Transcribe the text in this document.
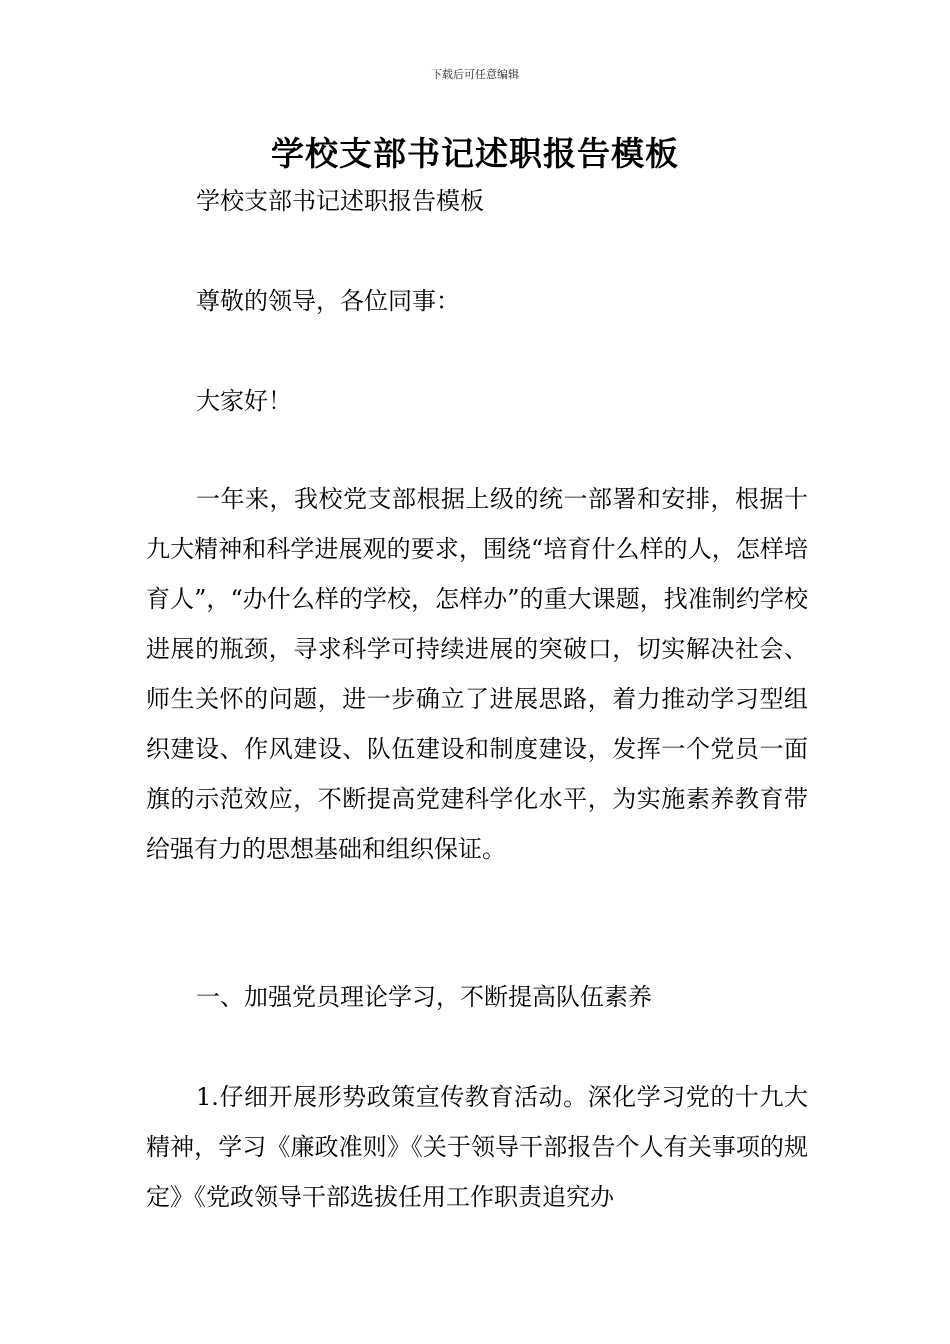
下载后可任意编辑
学校支部书记述职报告模板
学校支部书记述职报告模板
尊敬的领导，各位同事：
大家好！
一年来，我校党支部根据上级的统一部署和安排，根据十九大精神和科学进展观的要求，围绕“培育什么样的人，怎样培育人”，“办什么样的学校，怎样办”的重大课题，找准制约学校进展的瓶颈，寻求科学可持续进展的突破口，切实解决社会、师生关怀的问题，进一步确立了进展思路，着力推动学习型组织建设、作风建设、队伍建设和制度建设，发挥一个党员一面旗的示范效应，不断提高党建科学化水平，为实施素养教育带给强有力的思想基础和组织保证。
一、加强党员理论学习，不断提高队伍素养
1.仔细开展形势政策宣传教育活动。深化学习党的十九大精神，学习《廉政准则》《关于领导干部报告个人有关事项的规定》《党政领导干部选拔任用工作职责追究办
